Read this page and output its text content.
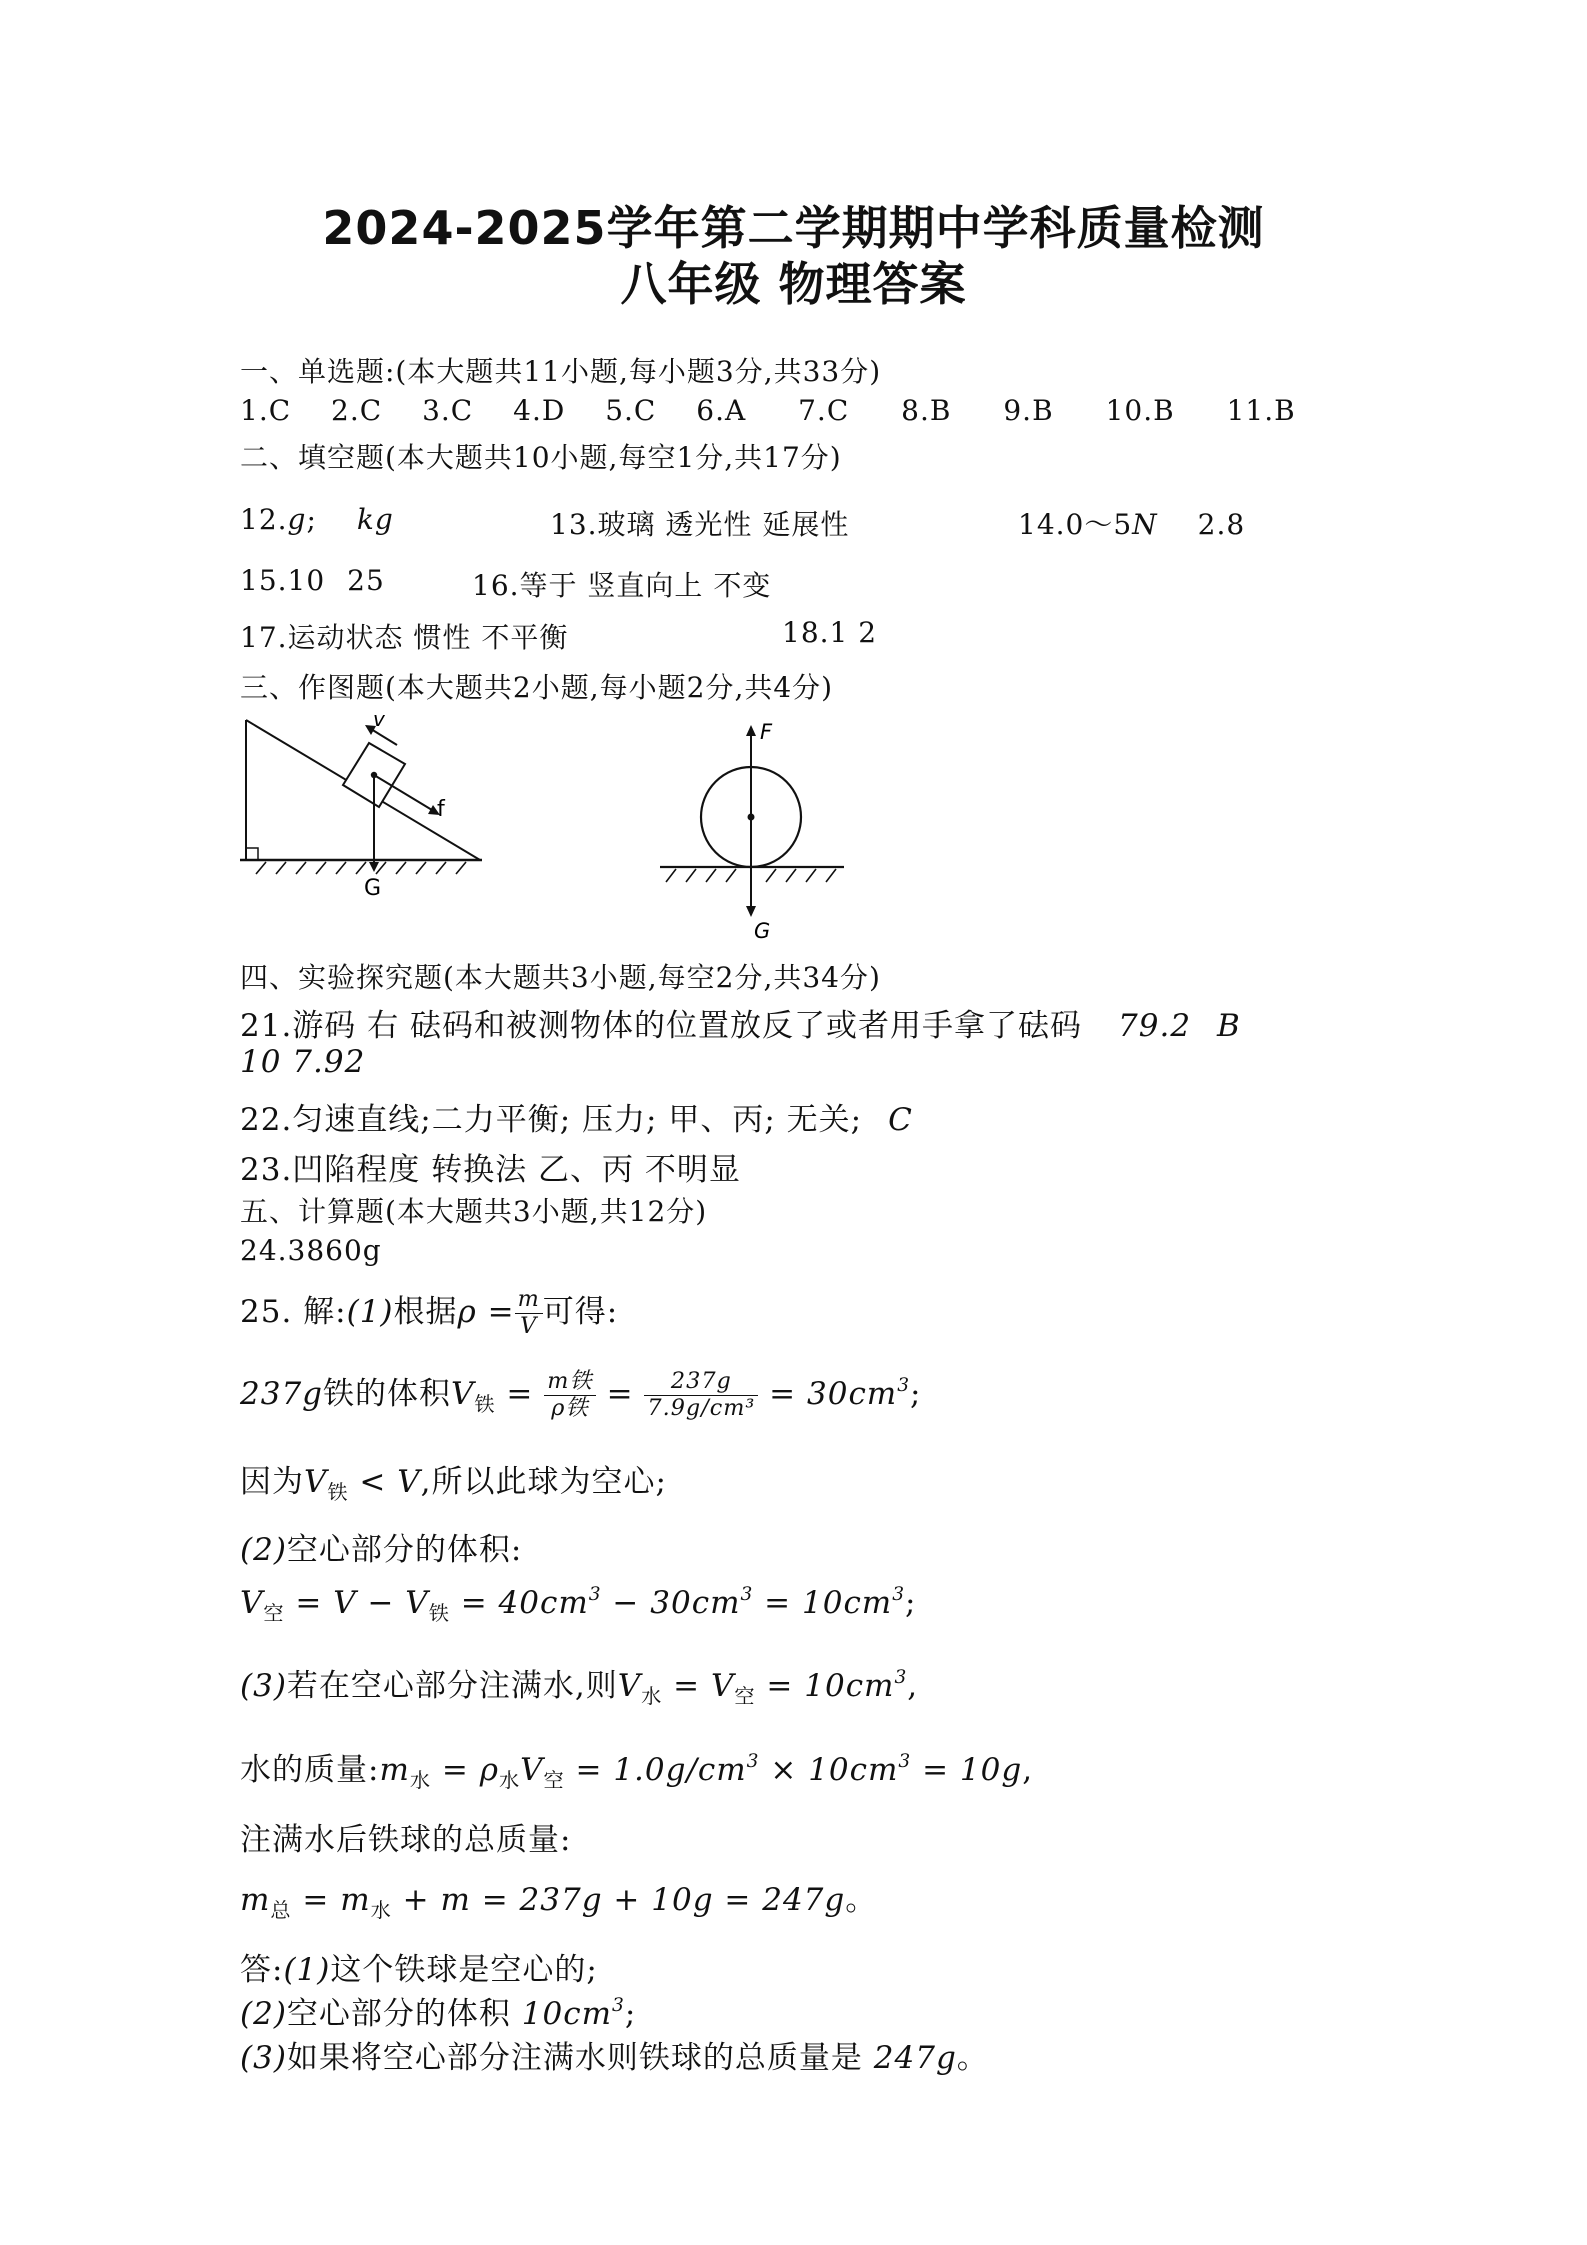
2024-2025学年第二学期期中学科质量检测
八年级 物理答案
一、单选题:(本大题共11小题,每小题3分,共33分)
1.C 2.C 3.C 4.D 5.C 6.A 7.C 8.B 9.B 10.B 11.B
二、填空题(本大题共10小题,每空1分,共17分)
12.g; kg	13.玻璃 透光性 延展性	14.0～5N 2.8
15.10 25	16.等于 竖直向上 不变
17.运动状态 惯性 不平衡	18.1 2
三、作图题(本大题共2小题,每小题2分,共4分)
v
f
G
F
G
四、实验探究题(本大题共3小题,每空2分,共34分)
21.游码 右 砝码和被测物体的位置放反了或者用手拿了砝码 79.2 B
10 7.92
22.匀速直线;二力平衡; 压力; 甲、丙; 无关; C
23.凹陷程度 转换法 乙、丙 不明显
五、计算题(本大题共3小题,共12分)
24.3860g
25. 解:(1)根据$\rho = \frac{m}{V}$ 可得:
237g铁的体积$V_铁 = \frac{\text{m铁}}{\text{ρ铁}} = \frac{237g}{\text{7.9g/cm³}} = 30cm^3$;
因为$V_铁 < V$,所以此球为空心;
(2)空心部分的体积:
$V_空 = V - V_铁 = 40cm^3 - 30cm^3 = 10cm^3$;
(3)若在空心部分注满水,则$V_水 = V_空 = 10cm^3$,
水的质量$:m_水 = \rho_水V_空 = 1.0g/cm^3 \times 10cm^3 = 10g$,
注满水后铁球的总质量:
$m_总 = m_水 + m = 237g + 10g = 247g$。
答:(1)这个铁球是空心的;
(2)空心部分的体积 $10cm^3$;
(3)如果将空心部分注满水则铁球的总质量是 247g。
